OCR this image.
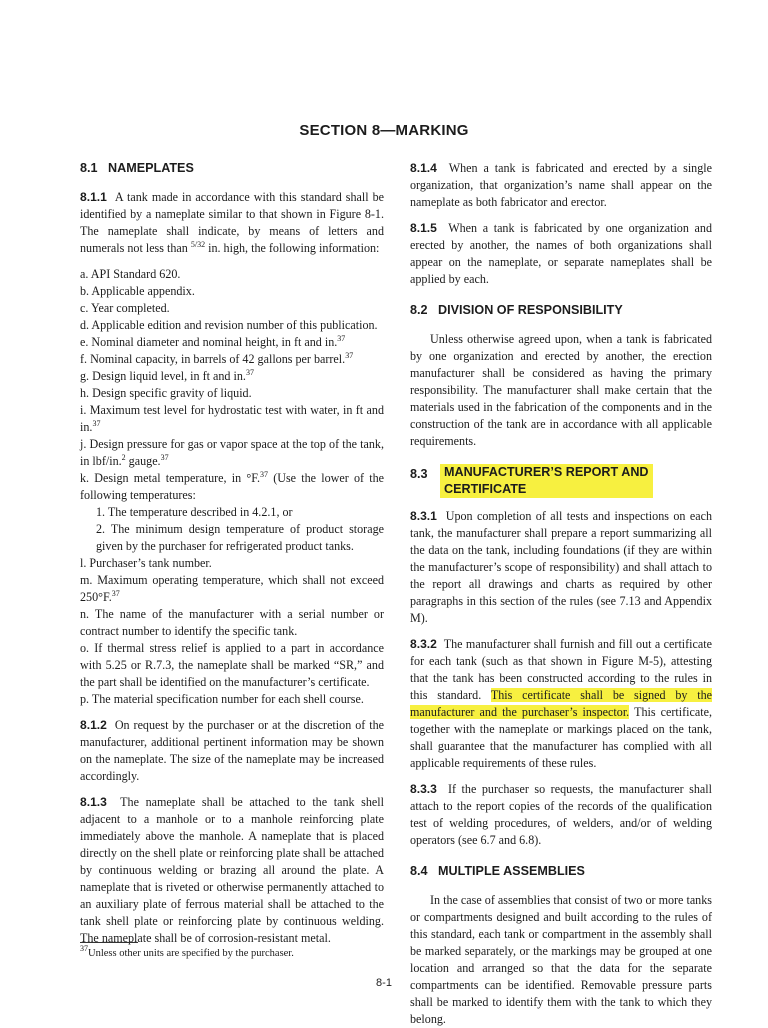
SECTION 8—MARKING

8.1 NAMEPLATES

8.1.1 A tank made in accordance with this standard shall be identified by a nameplate similar to that shown in Figure 8-1. The nameplate shall indicate, by means of letters and numerals not less than $^{5/32}$ in. high, the following information:

a. API Standard 620.

b. Applicable appendix.

c. Year completed.

d. Applicable edition and revision number of this publication.

e. Nominal diameter and nominal height, in ft and in.$^{37}$

f. Nominal capacity, in barrels of 42 gallons per barrel.$^{37}$

g. Design liquid level, in ft and in.$^{37}$

h. Design specific gravity of liquid.

i. Maximum test level for hydrostatic test with water, in ft and in.$^{37}$

j. Design pressure for gas or vapor space at the top of the tank, in lbf/in.$^2$ gauge.$^{37}$

k. Design metal temperature, in °F.$^{37}$ (Use the lower of the following temperatures:

1. The temperature described in 4.2.1, or

2. The minimum design temperature of product storage given by the purchaser for refrigerated product tanks.

l. Purchaser’s tank number.

m. Maximum operating temperature, which shall not exceed 250°F.$^{37}$

n. The name of the manufacturer with a serial number or contract number to identify the specific tank.

o. If thermal stress relief is applied to a part in accordance with 5.25 or R.7.3, the nameplate shall be marked “SR,” and the part shall be identified on the manufacturer’s certificate.

p. The material specification number for each shell course.

8.1.2 On request by the purchaser or at the discretion of the manufacturer, additional pertinent information may be shown on the nameplate. The size of the nameplate may be increased accordingly.

8.1.3 The nameplate shall be attached to the tank shell adjacent to a manhole or to a manhole reinforcing plate immediately above the manhole. A nameplate that is placed directly on the shell plate or reinforcing plate shall be attached by continuous welding or brazing all around the plate. A nameplate that is riveted or otherwise permanently attached to an auxiliary plate of ferrous material shall be attached to the tank shell plate or reinforcing plate by continuous welding. The nameplate shall be of corrosion-resistant metal.

$^{37}$Unless other units are specified by the purchaser.

8.1.4 When a tank is fabricated and erected by a single organization, that organization’s name shall appear on the nameplate as both fabricator and erector.

8.1.5 When a tank is fabricated by one organization and erected by another, the names of both organizations shall appear on the nameplate, or separate nameplates shall be applied by each.

8.2 DIVISION OF RESPONSIBILITY

Unless otherwise agreed upon, when a tank is fabricated by one organization and erected by another, the erection manufacturer shall be considered as having the primary responsibility. The manufacturer shall make certain that the materials used in the fabrication of the components and in the construction of the tank are in accordance with all applicable requirements.

8.3	MANUFACTURER’S REPORT AND
CERTIFICATE

8.3.1 Upon completion of all tests and inspections on each tank, the manufacturer shall prepare a report summarizing all the data on the tank, including foundations (if they are within the manufacturer’s scope of responsibility) and shall attach to the report all drawings and charts as required by other paragraphs in this section of the rules (see 7.13 and Appendix M).

8.3.2 The manufacturer shall furnish and fill out a certificate for each tank (such as that shown in Figure M-5), attesting that the tank has been constructed according to the rules in this standard. This certificate shall be signed by the manufacturer and the purchaser’s inspector. This certificate, together with the nameplate or markings placed on the tank, shall guarantee that the manufacturer has complied with all applicable requirements of these rules.

8.3.3 If the purchaser so requests, the manufacturer shall attach to the report copies of the records of the qualification test of welding procedures, of welders, and/or of welding operators (see 6.7 and 6.8).

8.4 MULTIPLE ASSEMBLIES

In the case of assemblies that consist of two or more tanks or compartments designed and built according to the rules of this standard, each tank or compartment in the assembly shall be marked separately, or the markings may be grouped at one location and arranged so that the data for the separate compartments can be identified. Removable pressure parts shall be marked to identify them with the tank to which they belong.

8-1
